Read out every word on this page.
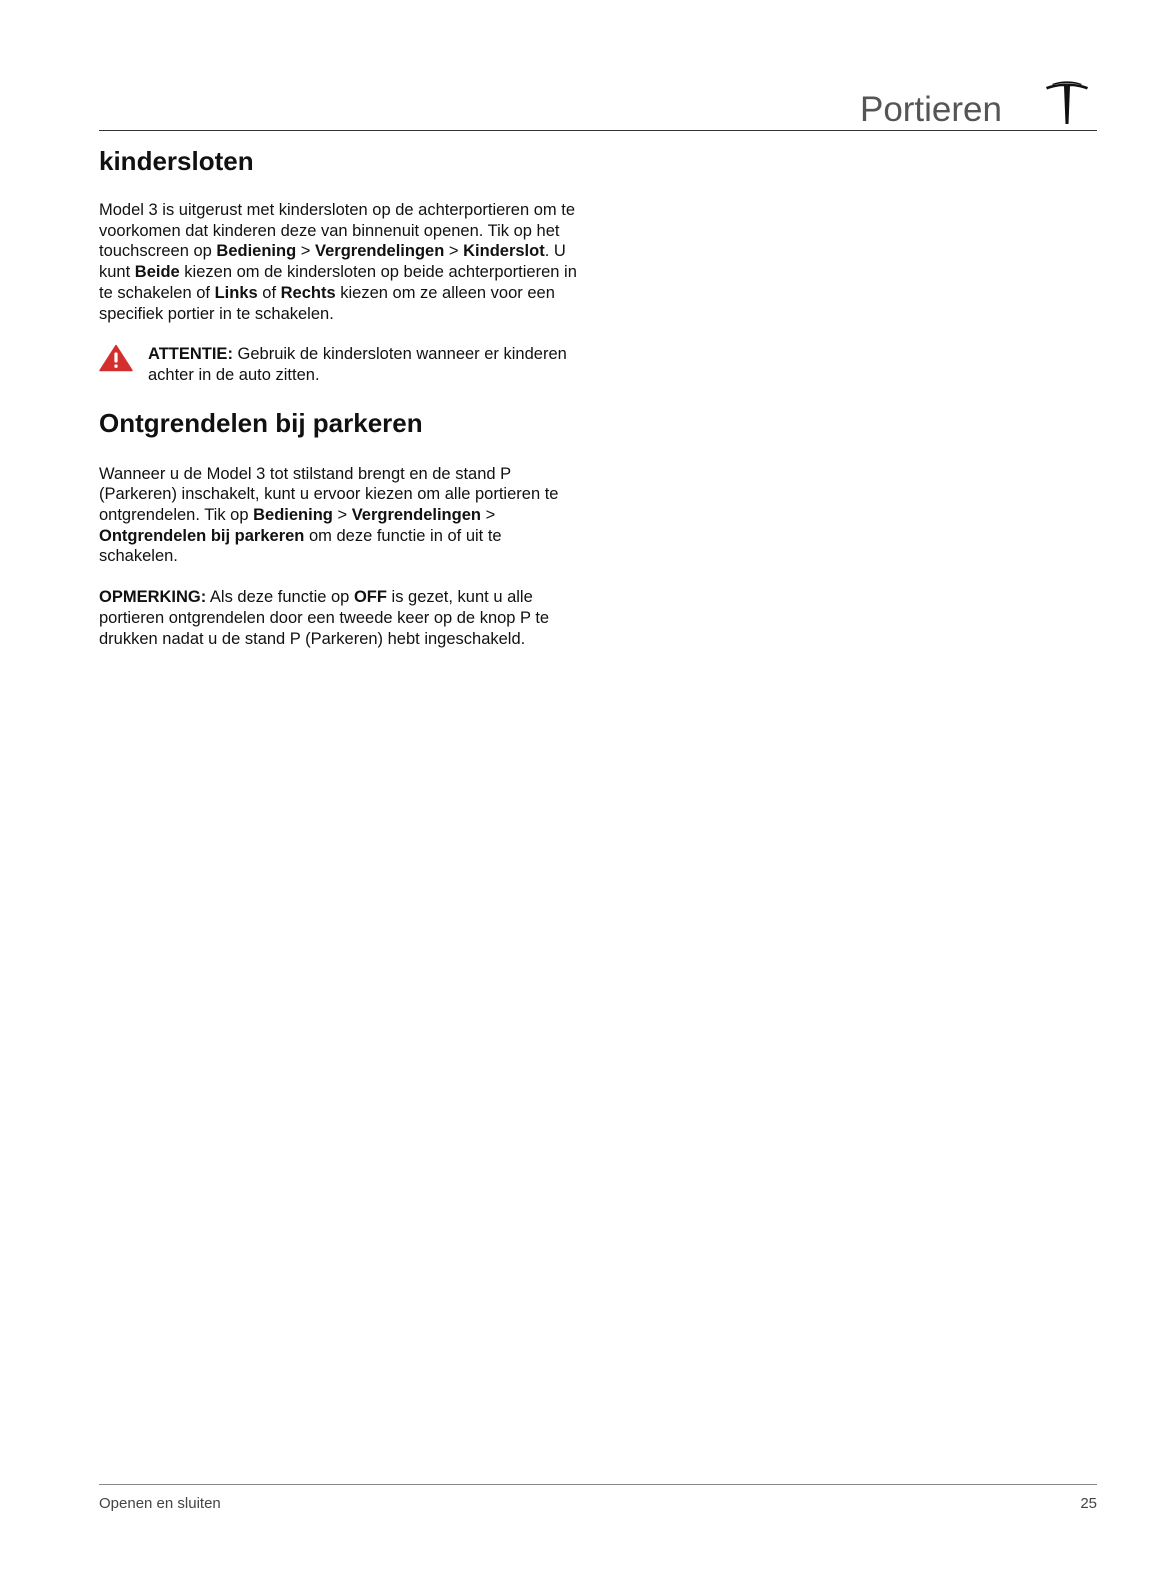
Portieren
kindersloten

Model 3 is uitgerust met kindersloten op de achterportieren om te voorkomen dat kinderen deze van binnenuit openen. Tik op het touchscreen op Bediening > Vergrendelingen > Kinderslot. U kunt Beide kiezen om de kindersloten op beide achterportieren in te schakelen of Links of Rechts kiezen om ze alleen voor een specifiek portier in te schakelen.

ATTENTIE: Gebruik de kindersloten wanneer er kinderen achter in de auto zitten.

Ontgrendelen bij parkeren

Wanneer u de Model 3 tot stilstand brengt en de stand P (Parkeren) inschakelt, kunt u ervoor kiezen om alle portieren te ontgrendelen. Tik op Bediening > Vergrendelingen > Ontgrendelen bij parkeren om deze functie in of uit te schakelen.

OPMERKING: Als deze functie op OFF is gezet, kunt u alle portieren ontgrendelen door een tweede keer op de knop P te drukken nadat u de stand P (Parkeren) hebt ingeschakeld.

Openen en sluiten	25
